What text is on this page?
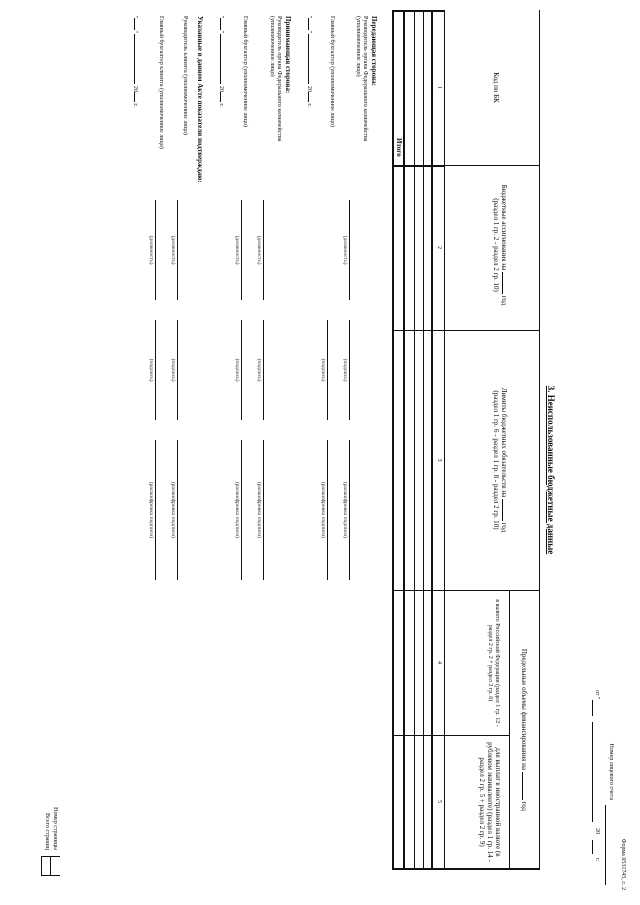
Форма 0531745, с. 2
Номер лицевого счета
от "
20
г.
3. Неиспользованные бюджетные данные
Код по БК
Бюджетные ассигнования на  год
(раздел 1 гр. 2 - раздел 2 гр. 10)
Лимиты бюджетных обязательств на  год
(раздел 1 гр. 6 - раздел 1 гр. 8 - раздел 2 гр. 10)
Предельные объемы финансирования на  год
в валюте Российской Федерации (раздел 1 гр. 12 - раздел 2 гр. 2 + раздел 2 гр. 6)
для выплат в иностранной валюте (в рублевом эквиваленте) (раздел 1 гр. 14 - раздел 2 гр. 5 + раздел 2 гр. 9)
1
2
3
4
5
Итого
Передающая сторона:
Руководитель органа Федерального казначейства (уполномоченное лицо)
(должность)
(подпись)
(расшифровка подписи)
Главный бухгалтер (уполномоченное лицо)
(подпись)
(расшифровка подписи)
""  20 г.
Принимающая сторона:
Руководитель органа Федерального казначейства (уполномоченное лицо)
(должность)
(подпись)
(расшифровка подписи)
Главный бухгалтер (уполномоченное лицо)
(должность)
(подпись)
(расшифровка подписи)
""  20 г.
Указанные в данном Акте показатели подтверждаю:
Руководитель клиента (уполномоченное лицо)
(должность)
(подпись)
(расшифровка подписи)
Главный бухгалтер клиента (уполномоченное лицо)
(должность)
(подпись)
(расшифровка подписи)
""  20 г.
Номер страницы
Всего страниц
